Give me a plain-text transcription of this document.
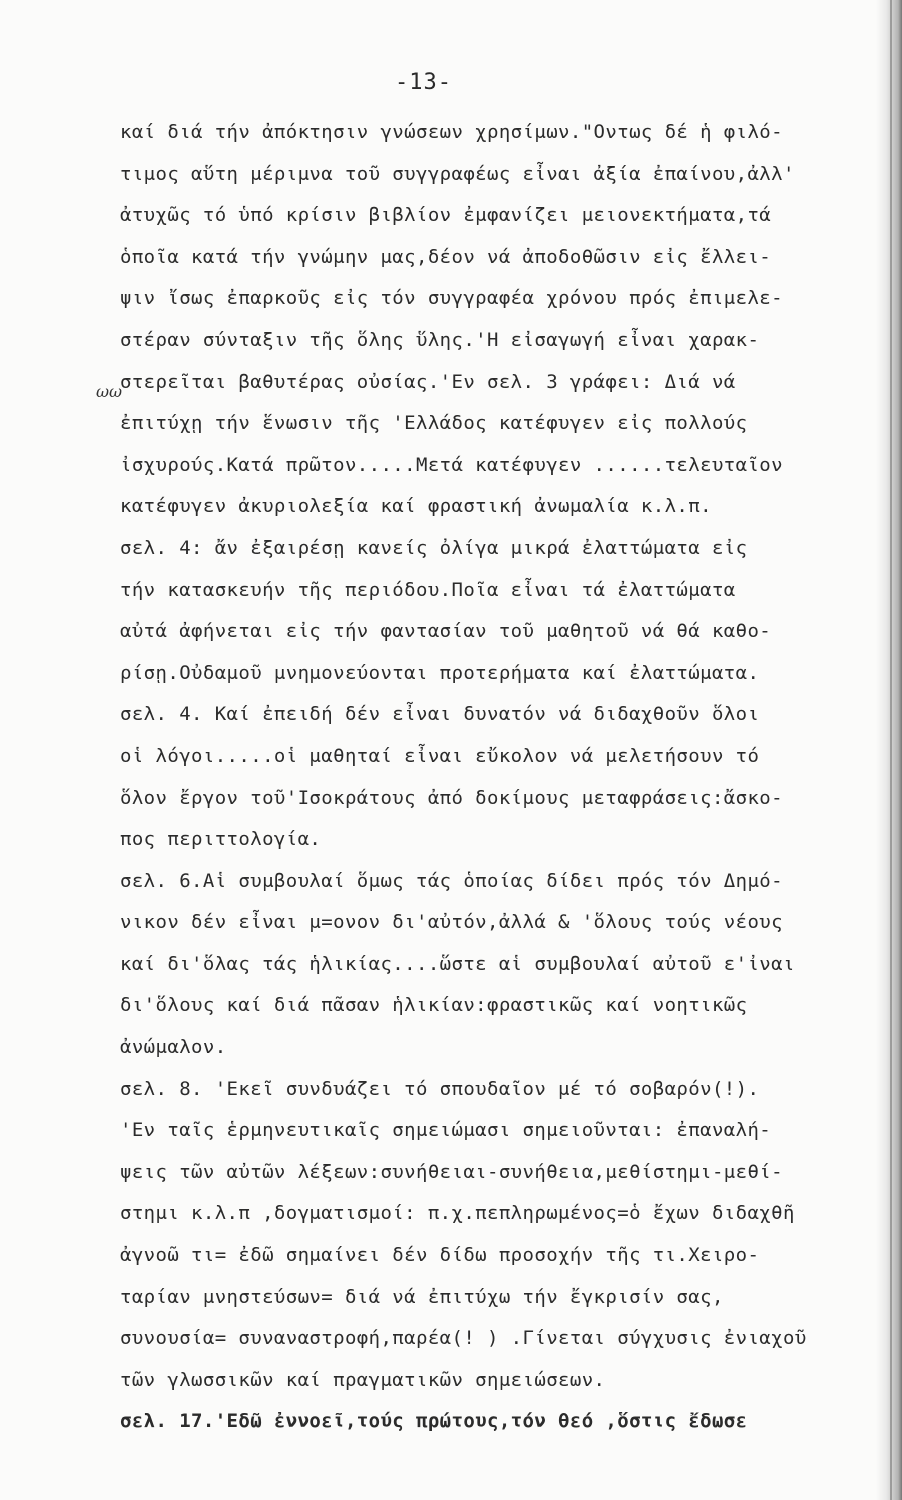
-13-
ωω
καί διά τήν ἀπόκτησιν γνώσεων χρησίμων."Οντως δέ ἡ φιλό-
τιμος αὕτη μέριμνα τοῦ συγγραφέως εἶναι ἀξία ἐπαίνου,ἀλλ'
ἀτυχῶς τό ὑπό κρίσιν βιβλίον ἐμφανίζει μειονεκτήματα,τά
ὁποῖα κατά τήν γνώμην μας,δέον νά ἀποδοθῶσιν εἰς ἔλλει-
ψιν ἴσως ἐπαρκοῦς εἰς τόν συγγραφέα χρόνου πρός ἐπιμελε-
στέραν σύνταξιν τῆς ὅλης ὕλης.'Η εἰσαγωγή εἶναι χαρακ-
στερεῖται βαθυτέρας οὐσίας.'Εν σελ. 3 γράφει: Διά νά
ἐπιτύχῃ τήν ἕνωσιν τῆς 'Ελλάδος κατέφυγεν εἰς πολλούς
ἰσχυρούς.Κατά πρῶτον.....Μετά κατέφυγεν ......τελευταῖον
κατέφυγεν ἀκυριολεξία καί φραστική ἀνωμαλία κ.λ.π.
σελ. 4: ἄν ἐξαιρέσῃ κανείς ὀλίγα μικρά ἐλαττώματα εἰς
τήν κατασκευήν τῆς περιόδου.Ποῖα εἶναι τά ἐλαττώματα
αὐτά ἀφήνεται εἰς τήν φαντασίαν τοῦ μαθητοῦ νά θά καθο-
ρίσῃ.Οὐδαμοῦ μνημονεύονται προτερήματα καί ἐλαττώματα.
σελ. 4. Καί ἐπειδή δέν εἶναι δυνατόν νά διδαχθοῦν ὅλοι
οἱ λόγοι.....οἱ μαθηταί εἶναι εὔκολον νά μελετήσουν τό
ὅλον ἔργον τοῦ'Ισοκράτους ἀπό δοκίμους μεταφράσεις:ἄσκο-
πος περιττολογία.
σελ. 6.Αἱ συμβουλαί ὅμως τάς ὁποίας δίδει πρός τόν Δημό-
νικον δέν εἶναι μ=ονον δι'αὐτόν,ἀλλά & 'ὅλους τούς νέους
καί δι'ὅλας τάς ἡλικίας....ὥστε αἱ συμβουλαί αὐτοῦ ε'ἰναι
δι'ὅλους καί διά πᾶσαν ἡλικίαν:φραστικῶς καί νοητικῶς
ἀνώμαλον.
σελ. 8. 'Εκεῖ συνδυάζει τό σπουδαῖον μέ τό σοβαρόν(!).
'Εν ταῖς ἑρμηνευτικαῖς σημειώμασι σημειοῦνται: ἐπαναλή-
ψεις τῶν αὐτῶν λέξεων:συνήθειαι-συνήθεια,μεθίστημι-μεθί-
στημι κ.λ.π ,δογματισμοί: π.χ.πεπληρωμένος=ὁ ἔχων διδαχθῆ
ἀγνοῶ τι= ἐδῶ σημαίνει δέν δίδω προσοχήν τῆς τι.Χειρο-
ταρίαν μνηστεύσων= διά νά ἐπιτύχω τήν ἔγκρισίν σας,
συνουσία= συναναστροφή,παρέα(! ) .Γίνεται σύγχυσις ἐνιαχοῦ
τῶν γλωσσικῶν καί πραγματικῶν σημειώσεων.
σελ. 17.'Εδῶ ἐννοεῖ,τούς πρώτους,τόν θεό ,ὅστις ἔδωσε
